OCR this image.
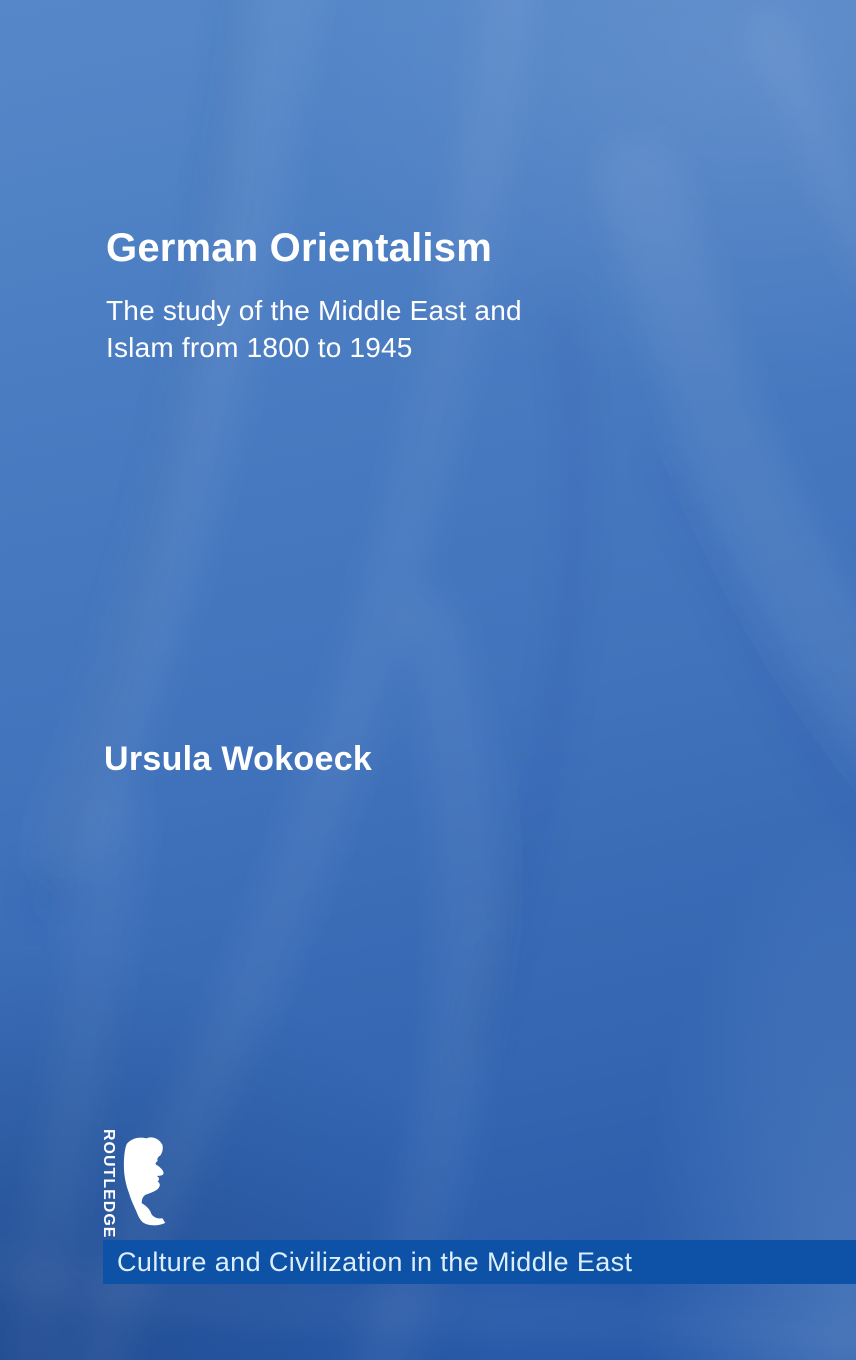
German Orientalism
The study of the Middle East and
Islam from 1800 to 1945
Ursula Wokoeck
ROUTLEDGE
Culture and Civilization in the Middle East
